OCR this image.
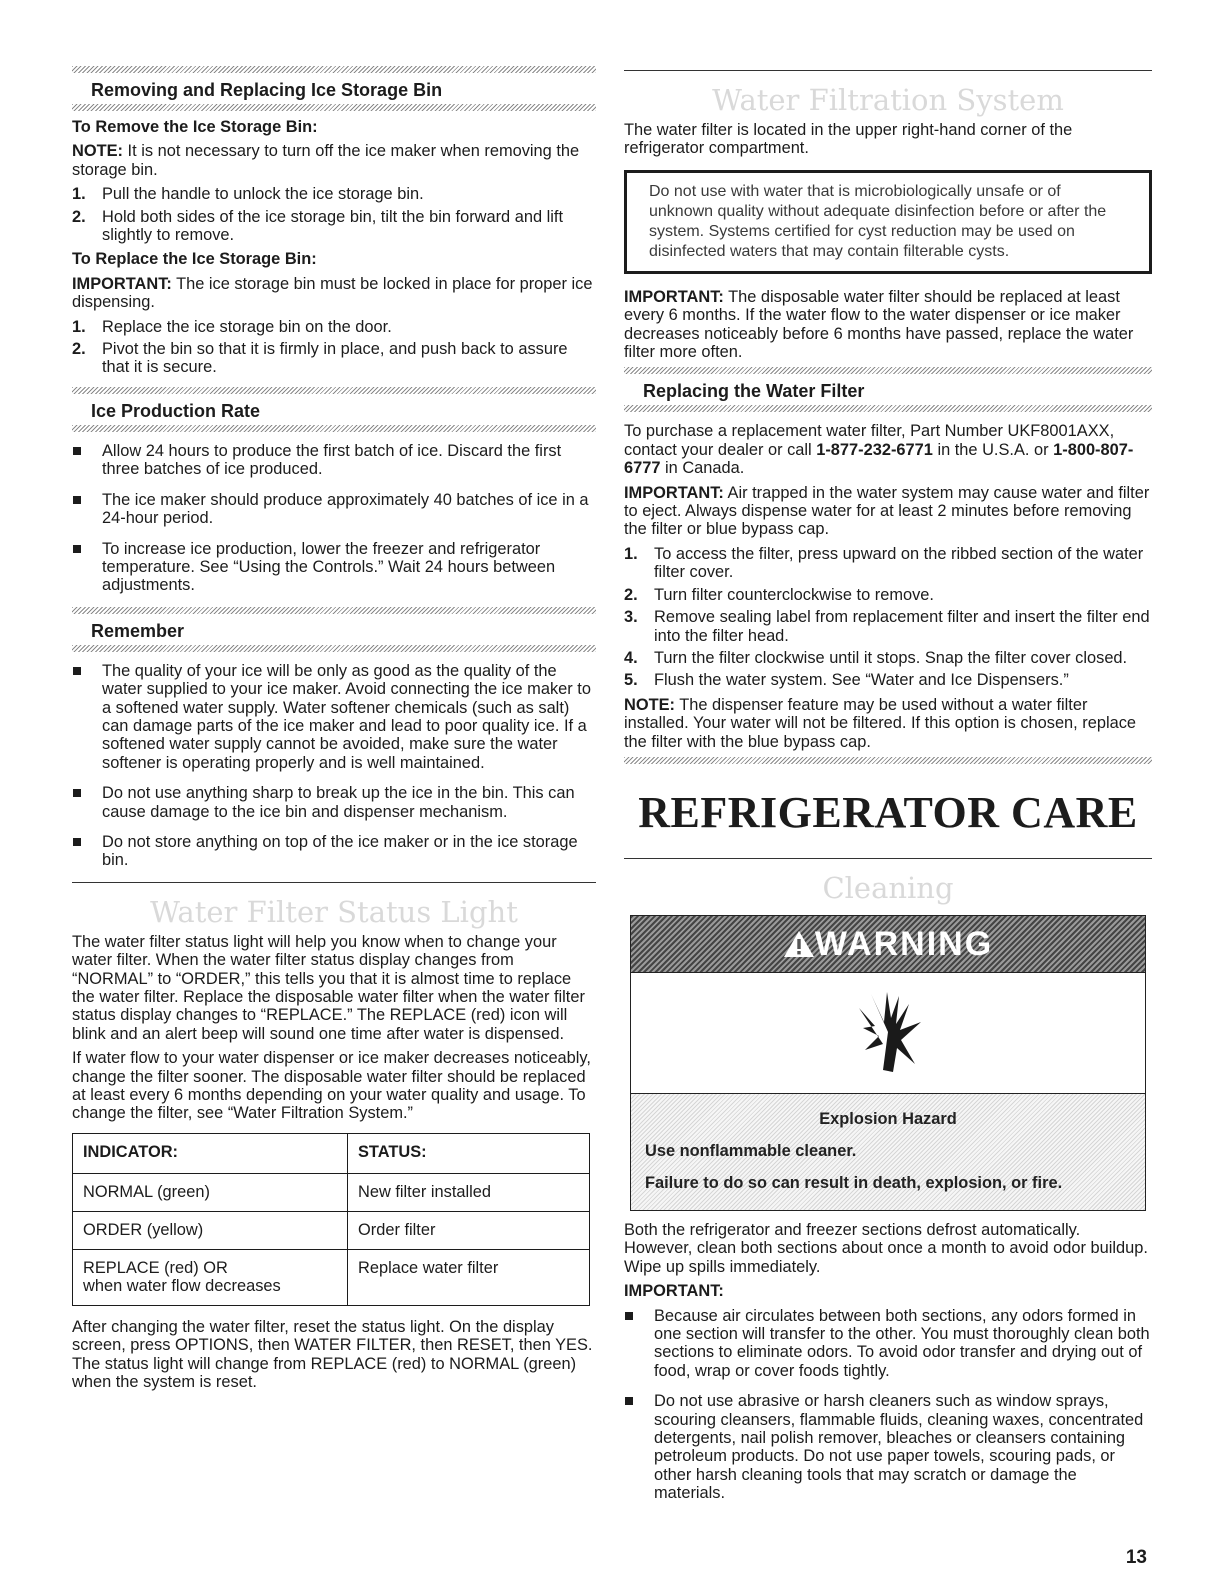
Removing and Replacing Ice Storage Bin

To Remove the Ice Storage Bin:

NOTE: It is not necessary to turn off the ice maker when removing the storage bin.

1. Pull the handle to unlock the ice storage bin.
2. Hold both sides of the ice storage bin, tilt the bin forward and lift slightly to remove.

To Replace the Ice Storage Bin:

IMPORTANT: The ice storage bin must be locked in place for proper ice dispensing.

1. Replace the ice storage bin on the door.
2. Pivot the bin so that it is firmly in place, and push back to assure that it is secure.
Ice Production Rate
Allow 24 hours to produce the first batch of ice. Discard the first three batches of ice produced.
The ice maker should produce approximately 40 batches of ice in a 24-hour period.
To increase ice production, lower the freezer and refrigerator temperature. See “Using the Controls.” Wait 24 hours between adjustments.
Remember
The quality of your ice will be only as good as the quality of the water supplied to your ice maker. Avoid connecting the ice maker to a softened water supply. Water softener chemicals (such as salt) can damage parts of the ice maker and lead to poor quality ice. If a softened water supply cannot be avoided, make sure the water softener is operating properly and is well maintained.
Do not use anything sharp to break up the ice in the bin. This can cause damage to the ice bin and dispenser mechanism.
Do not store anything on top of the ice maker or in the ice storage bin.
Water Filter Status Light

The water filter status light will help you know when to change your water filter. When the water filter status display changes from “NORMAL” to “ORDER,” this tells you that it is almost time to replace the water filter. Replace the disposable water filter when the water filter status display changes to “REPLACE.” The REPLACE (red) icon will blink and an alert beep will sound one time after water is dispensed.

If water flow to your water dispenser or ice maker decreases noticeably, change the filter sooner. The disposable water filter should be replaced at least every 6 months depending on your water quality and usage. To change the filter, see “Water Filtration System.”

INDICATOR:	STATUS:
NORMAL (green)	New filter installed
ORDER (yellow)	Order filter
REPLACE (red) OR
when water flow decreases	Replace water filter

After changing the water filter, reset the status light. On the display screen, press OPTIONS, then WATER FILTER, then RESET, then YES. The status light will change from REPLACE (red) to NORMAL (green) when the system is reset.

Water Filtration System

The water filter is located in the upper right-hand corner of the refrigerator compartment.

Do not use with water that is microbiologically unsafe or of unknown quality without adequate disinfection before or after the system. Systems certified for cyst reduction may be used on disinfected waters that may contain filterable cysts.

IMPORTANT: The disposable water filter should be replaced at least every 6 months. If the water flow to the water dispenser or ice maker decreases noticeably before 6 months have passed, replace the water filter more often.

Replacing the Water Filter

To purchase a replacement water filter, Part Number UKF8001AXX, contact your dealer or call 1-877-232-6771 in the U.S.A. or 1-800-807-6777 in Canada.

IMPORTANT: Air trapped in the water system may cause water and filter to eject. Always dispense water for at least 2 minutes before removing the filter or blue bypass cap.

1. To access the filter, press upward on the ribbed section of the water filter cover.
2. Turn filter counterclockwise to remove.
3. Remove sealing label from replacement filter and insert the filter end into the filter head.
4. Turn the filter clockwise until it stops. Snap the filter cover closed.
5. Flush the water system. See “Water and Ice Dispensers.”

NOTE: The dispenser feature may be used without a water filter installed. Your water will not be filtered. If this option is chosen, replace the filter with the blue bypass cap.

REFRIGERATOR CARE
Cleaning
WARNING
Explosion Hazard
Use nonflammable cleaner.
Failure to do so can result in death, explosion, or fire.

Both the refrigerator and freezer sections defrost automatically. However, clean both sections about once a month to avoid odor buildup. Wipe up spills immediately.

IMPORTANT:

Because air circulates between both sections, any odors formed in one section will transfer to the other. You must thoroughly clean both sections to eliminate odors. To avoid odor transfer and drying out of food, wrap or cover foods tightly.
Do not use abrasive or harsh cleaners such as window sprays, scouring cleansers, flammable fluids, cleaning waxes, concentrated detergents, nail polish remover, bleaches or cleansers containing petroleum products. Do not use paper towels, scouring pads, or other harsh cleaning tools that may scratch or damage the materials.
13
